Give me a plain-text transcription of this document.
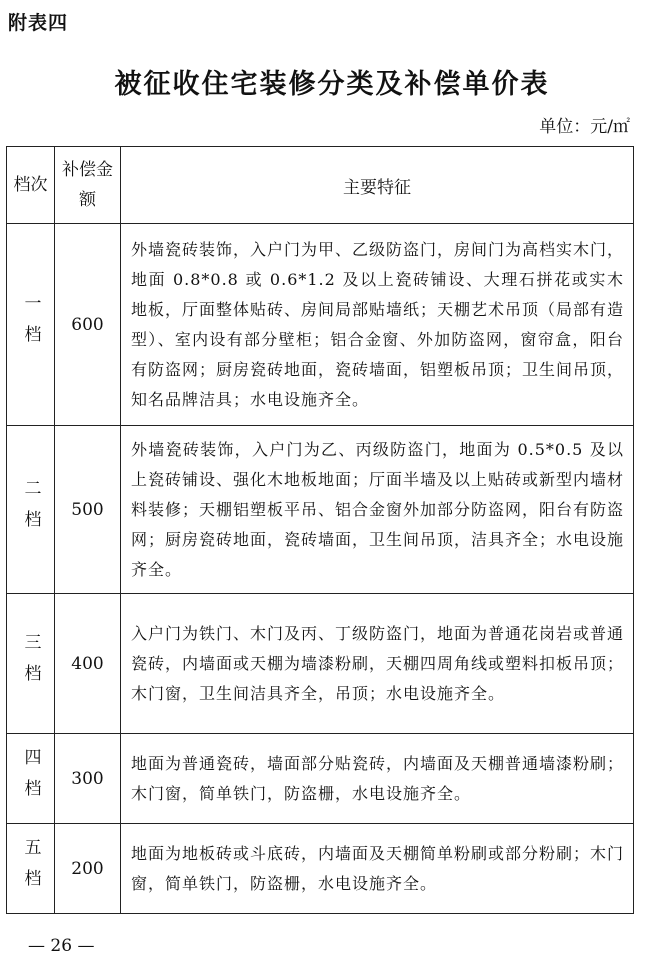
附表四
被征收住宅装修分类及补偿单价表
单位：元/㎡
档次	补偿金额	主要特征
一档	600	外墙瓷砖装饰，入户门为甲、乙级防盗门，房间门为高档实木门，地面 0.8*0.8 或 0.6*1.2 及以上瓷砖铺设、大理石拼花或实木地板，厅面整体贴砖、房间局部贴墙纸；天棚艺术吊顶（局部有造型）、室内设有部分壁柜；铝合金窗、外加防盗网，窗帘盒，阳台有防盗网；厨房瓷砖地面，瓷砖墙面，铝塑板吊顶；卫生间吊顶，知名品牌洁具；水电设施齐全。
二档	500	外墙瓷砖装饰，入户门为乙、丙级防盗门，地面为 0.5*0.5 及以上瓷砖铺设、强化木地板地面；厅面半墙及以上贴砖或新型内墙材料装修；天棚铝塑板平吊、铝合金窗外加部分防盗网，阳台有防盗网；厨房瓷砖地面，瓷砖墙面，卫生间吊顶，洁具齐全；水电设施齐全。
三档	400	入户门为铁门、木门及丙、丁级防盗门，地面为普通花岗岩或普通瓷砖，内墙面或天棚为墙漆粉刷，天棚四周角线或塑料扣板吊顶；木门窗，卫生间洁具齐全，吊顶；水电设施齐全。
四档	300	地面为普通瓷砖，墙面部分贴瓷砖，内墙面及天棚普通墙漆粉刷；木门窗，简单铁门，防盗栅，水电设施齐全。
五档	200	地面为地板砖或斗底砖，内墙面及天棚简单粉刷或部分粉刷；木门窗，简单铁门，防盗栅，水电设施齐全。
— 26 —
